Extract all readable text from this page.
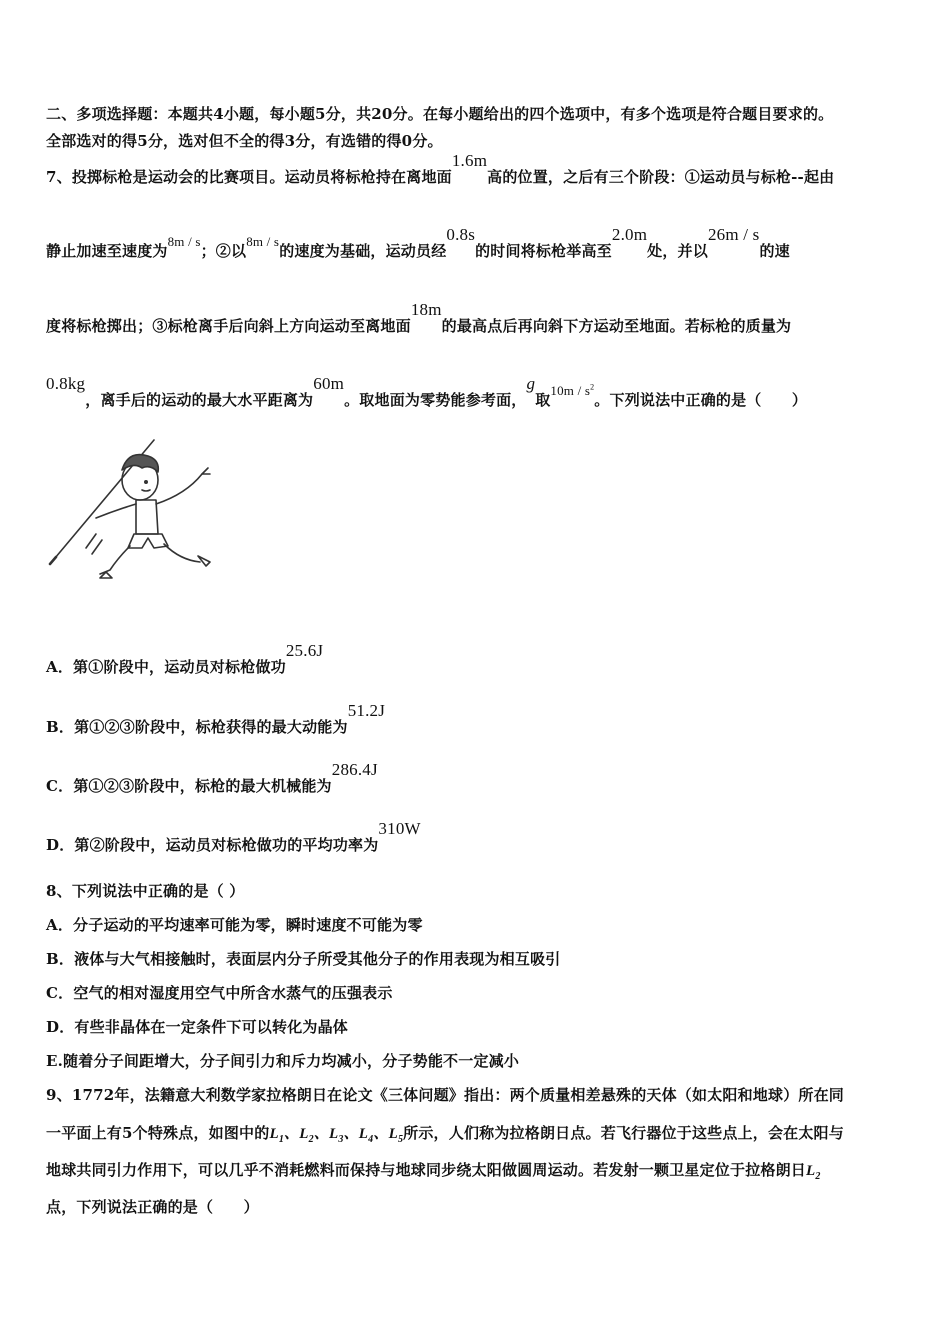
二、多项选择题：本题共4小题，每小题5分，共20分。在每小题给出的四个选项中，有多个选项是符合题目要求的。
全部选对的得5分，选对但不全的得3分，有选错的得0分。
7、投掷标枪是运动会的比赛项目。运动员将标枪持在离地面1.6m高的位置，之后有三个阶段：①运动员与标枪--起由
静止加速至速度为8m / s；②以8m / s的速度为基础，运动员经0.8s的时间将标枪举高至2.0m处，并以26m / s的速
度将标枪掷出；③标枪离手后向斜上方向运动至离地面18m的最高点后再向斜下方运动至地面。若标枪的质量为
0.8kg，离手后的运动的最大水平距离为60m。取地面为零势能参考面，g取$10m / s^2$。下列说法中正确的是（　　）
A．第①阶段中，运动员对标枪做功25.6J
B．第①②③阶段中，标枪获得的最大动能为51.2J
C．第①②③阶段中，标枪的最大机械能为286.4J
D．第②阶段中，运动员对标枪做功的平均功率为310W
8、下列说法中正确的是（ ）
A．分子运动的平均速率可能为零，瞬时速度不可能为零
B．液体与大气相接触时，表面层内分子所受其他分子的作用表现为相互吸引
C．空气的相对湿度用空气中所含水蒸气的压强表示
D．有些非晶体在一定条件下可以转化为晶体
E.随着分子间距增大，分子间引力和斥力均减小，分子势能不一定减小
9、1772年，法籍意大利数学家拉格朗日在论文《三体问题》指出：两个质量相差悬殊的天体（如太阳和地球）所在同
一平面上有5个特殊点，如图中的$L_1$、$L_2$、$L_3$、$L_4$、$L_5$所示，人们称为拉格朗日点。若飞行器位于这些点上，会在太阳与
地球共同引力作用下，可以几乎不消耗燃料而保持与地球同步绕太阳做圆周运动。若发射一颗卫星定位于拉格朗日$L_2$
点，下列说法正确的是（　　）
